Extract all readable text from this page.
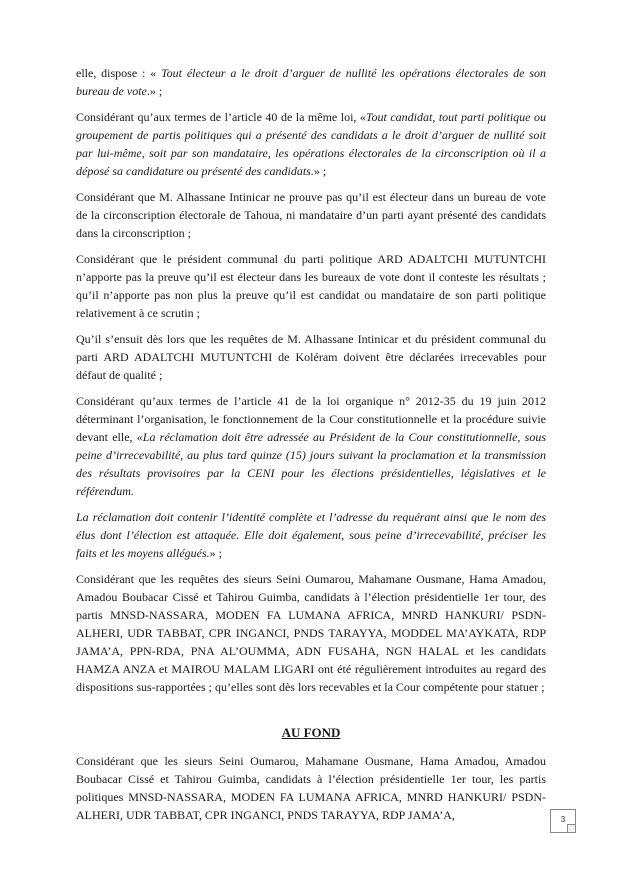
elle, dispose : « Tout électeur a le droit d’arguer de nullité les opérations électorales de son bureau de vote.» ;

Considérant qu’aux termes de l’article 40 de la même loi, «Tout candidat, tout parti politique ou groupement de partis politiques qui a présenté des candidats a le droit d’arguer de nullité soit par lui-même, soit par son mandataire, les opérations électorales de la circonscription où il a déposé sa candidature ou présenté des candidats.» ;

Considérant que M. Alhassane Intinicar ne prouve pas qu’il est électeur dans un bureau de vote de la circonscription électorale de Tahoua, ni mandataire d’un parti ayant présenté des candidats dans la circonscription ;

Considérant que le président communal du parti politique ARD ADALTCHI MUTUNTCHI n’apporte pas la preuve qu’il est électeur dans les bureaux de vote dont il conteste les résultats ; qu’il n’apporte pas non plus la preuve qu’il est candidat ou mandataire de son parti politique relativement à ce scrutin ;

Qu’il s’ensuit dès lors que les requêtes de M. Alhassane Intinicar et du président communal du parti ARD ADALTCHI MUTUNTCHI de Koléram doivent être déclarées irrecevables pour défaut de qualité ;

Considérant qu’aux termes de l’article 41 de la loi organique n° 2012-35 du 19 juin 2012 déterminant l’organisation, le fonctionnement de la Cour constitutionnelle et la procédure suivie devant elle, «La réclamation doit être adressée au Président de la Cour constitutionnelle, sous peine d’irrecevabilité, au plus tard quinze (15) jours suivant la proclamation et la transmission des résultats provisoires par la CENI pour les élections présidentielles, législatives et le référendum.

La réclamation doit contenir l’identité complète et l’adresse du requérant ainsi que le nom des élus dont l’élection est attaquée. Elle doit également, sous peine d’irrecevabilité, préciser les faits et les moyens allégués.» ;

Considérant que les requêtes des sieurs Seini Oumarou, Mahamane Ousmane, Hama Amadou, Amadou Boubacar Cissé et Tahirou Guimba, candidats à l’élection présidentielle 1er tour, des partis MNSD-NASSARA, MODEN FA LUMANA AFRICA, MNRD HANKURI/ PSDN-ALHERI, UDR TABBAT, CPR INGANCI, PNDS TARAYYA, MODDEL MA’AYKATA, RDP JAMA’A, PPN-RDA, PNA AL’OUMMA, ADN FUSAHA, NGN HALAL et les candidats HAMZA ANZA et MAIROU MALAM LIGARI ont été régulièrement introduites au regard des dispositions sus-rapportées ; qu’elles sont dès lors recevables et la Cour compétente pour statuer ;

AU FOND

Considérant que les sieurs Seini Oumarou, Mahamane Ousmane, Hama Amadou, Amadou Boubacar Cissé et Tahirou Guimba, candidats à l’élection présidentielle 1er tour, les partis politiques MNSD-NASSARA, MODEN FA LUMANA AFRICA, MNRD HANKURI/ PSDN-ALHERI, UDR TABBAT, CPR INGANCI, PNDS TARAYYA, RDP JAMA’A,	3
